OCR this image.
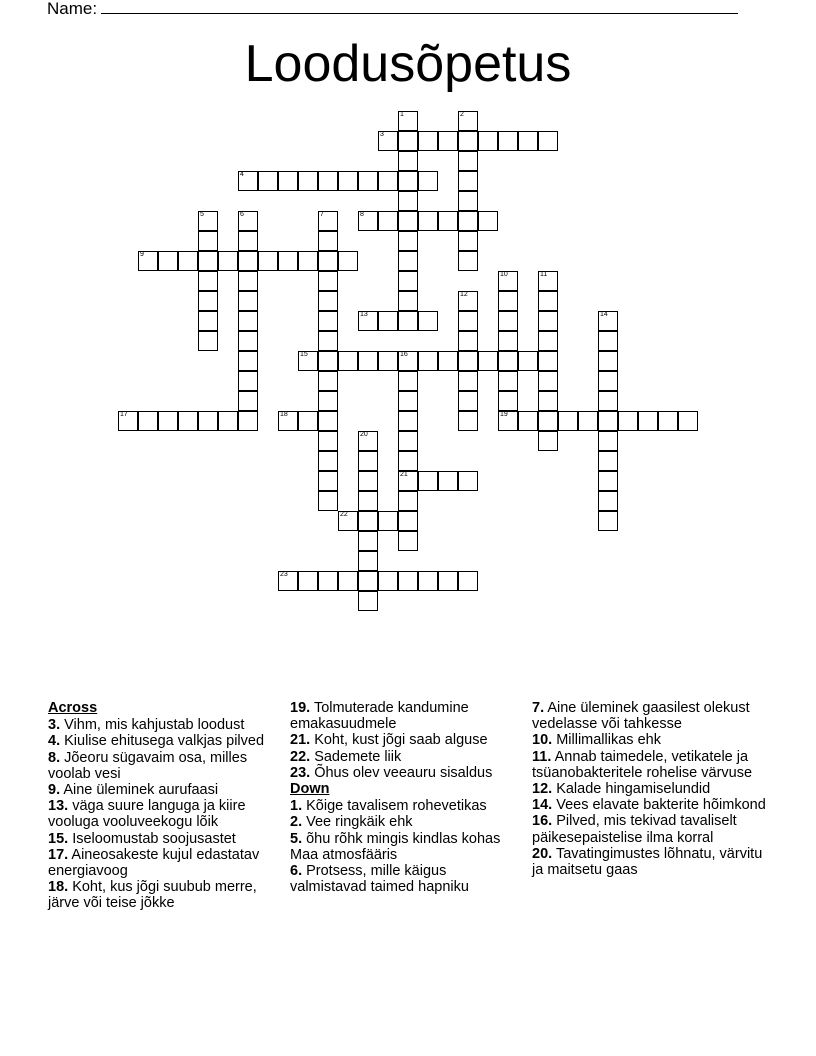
Name:
Loodusõpetus
1	2
3
4
5	6	7	8
9
10
19
11
12
13	14
15	16
21
17	18
20
22
23
Across
3. Vihm, mis kahjustab loodust
4. Kiulise ehitusega valkjas pilved
8. Jõeoru sügavaim osa, milles voolab vesi
9. Aine üleminek aurufaasi
13. väga suure languga ja kiire vooluga vooluveekogu lõik
15. Iseloomustab soojusastet
17. Aineosakeste kujul edastatav energiavoog
18. Koht, kus jõgi suubub merre, järve või teise jõkke
19. Tolmuterade kandumine emakasuudmele
21. Koht, kust jõgi saab alguse
22. Sademete liik
23. Õhus olev veeauru sisaldus
Down
1. Kõige tavalisem rohevetikas
2. Vee ringkäik ehk
5. õhu rõhk mingis kindlas kohas Maa atmosfääris
6. Protsess, mille käigus valmistavad taimed hapniku
7. Aine üleminek gaasilest olekust vedelasse või tahkesse
10. Millimallikas ehk
11. Annab taimedele, vetikatele ja tsüanobakteritele rohelise värvuse
12. Kalade hingamiselundid
14. Vees elavate bakterite hõimkond
16. Pilved, mis tekivad tavaliselt päikesepaistelise ilma korral
20. Tavatingimustes lõhnatu, värvitu ja maitsetu gaas
